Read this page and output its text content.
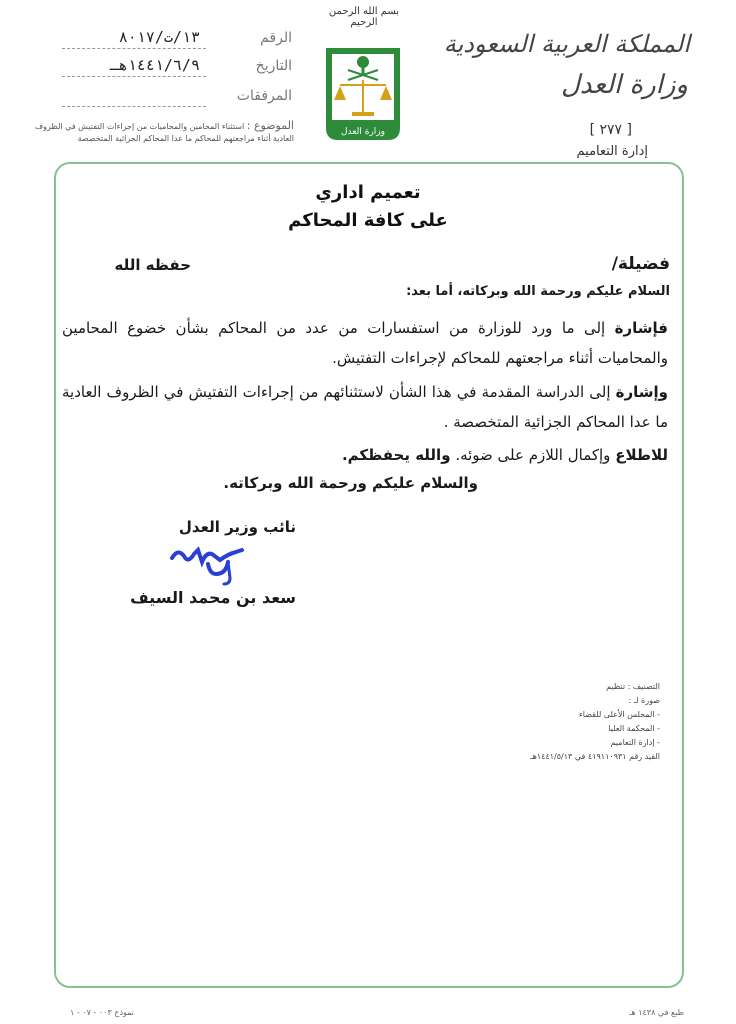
الرقم
١٣/ت/٨٠١٧
التاريخ
١٤٤١/٦/٩هـ
المرفقات
الموضوع : استثناء المحامين والمحاميات من إجراءات التفتيش في الظروف العادية أثناء مراجعتهم للمحاكم ما عدا المحاكم الجزائية المتخصصة
بسم الله الرحمن الرحيم
وزارة العدل
المملكة العربية السعودية
وزارة العدل
[ ٢٧٧ ]
إدارة التعاميم
تعميم اداري
على كافة المحاكم
فضيلة/
حفظه الله
السلام عليكم ورحمة الله وبركاته، أما بعد:
فإشارة إلى ما ورد للوزارة من استفسارات من عدد من المحاكم بشأن خضوع المحامين والمحاميات أثناء مراجعتهم للمحاكم لإجراءات التفتيش.
وإشارة إلى الدراسة المقدمة في هذا الشأن لاستثنائهم من إجراءات التفتيش في الظروف العادية ما عدا المحاكم الجزائية المتخصصة .
للاطلاع وإكمال اللازم على ضوئه. والله يحفظكم.
والسلام عليكم ورحمة الله وبركاته.
نائب وزير العدل
سعد بن محمد السيف
التصنيف : تنظيم
صورة لـ :
- المجلس الأعلى للقضاء
- المحكمة العليا
- إدارة التعاميم
القيد رقم ٤١٩١١٠٩٣١ في ١٤٤١/٥/١٣هـ
نموذج ٠٠٣ - ٠٧ - ١	طبع في ١٤٣٨ هـ
